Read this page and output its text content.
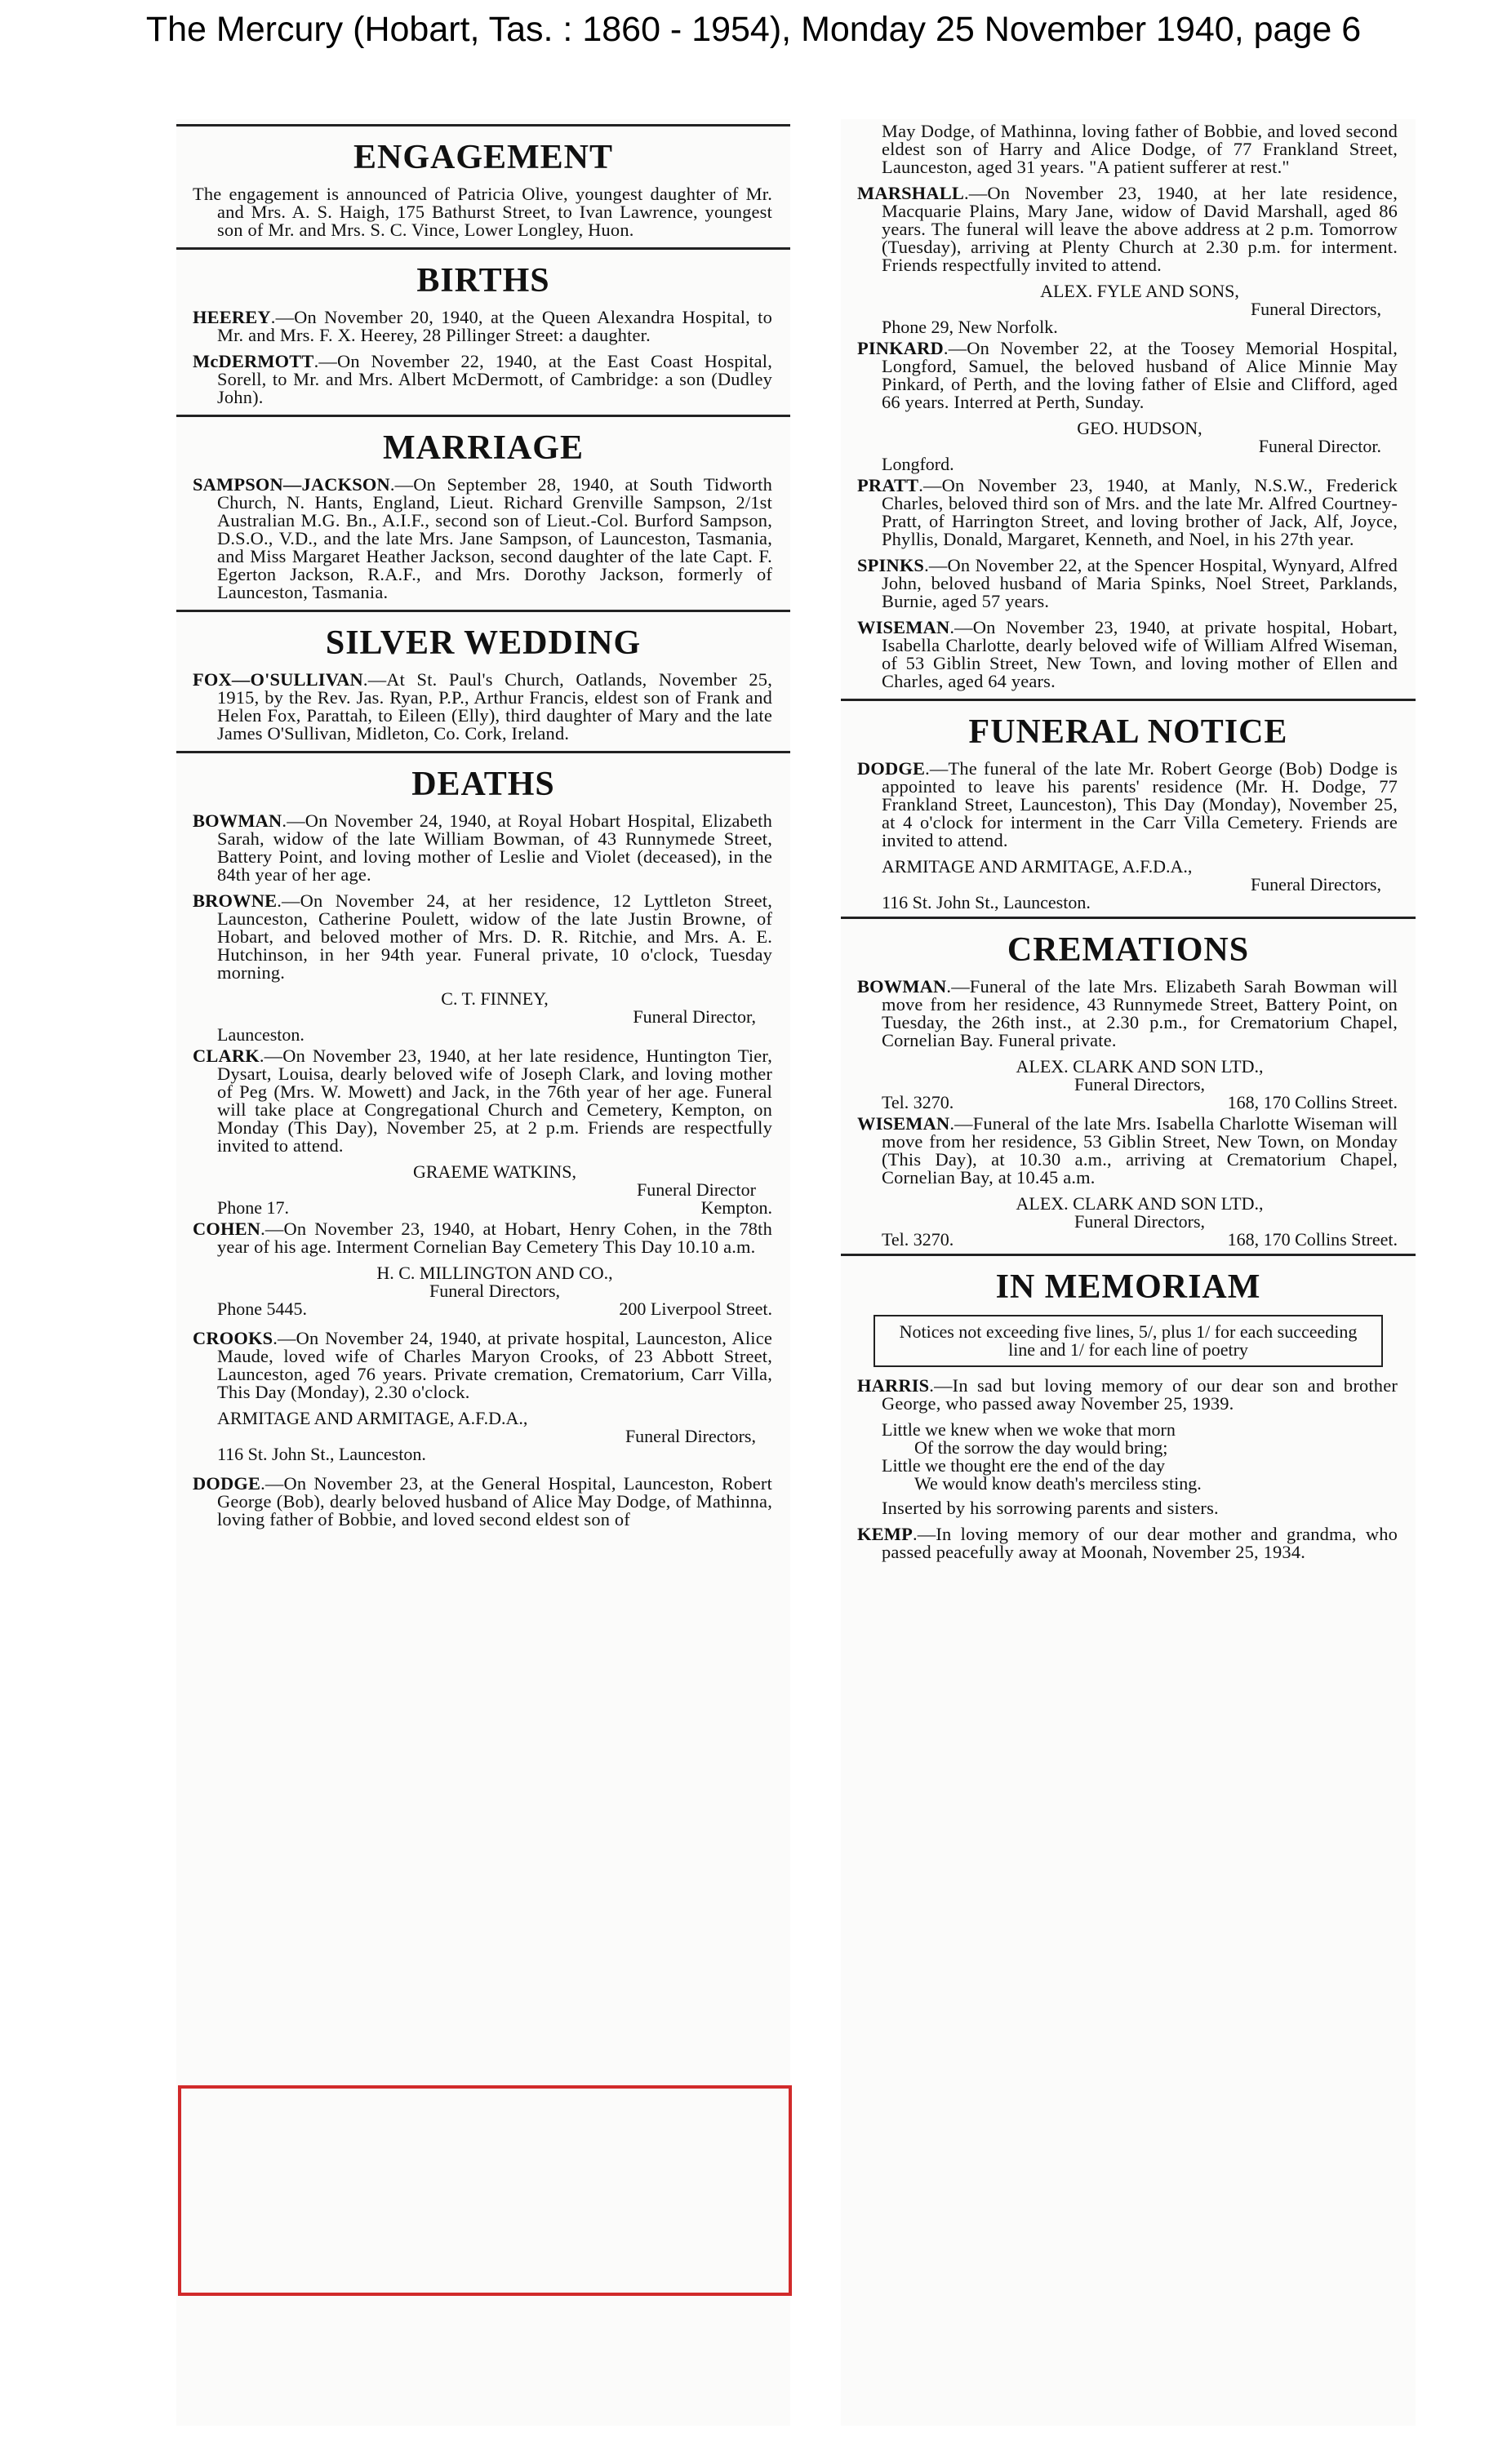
The Mercury (Hobart, Tas. : 1860 - 1954), Monday 25 November 1940, page 6
ENGAGEMENT
The engagement is announced of Patricia Olive, youngest daughter of Mr. and Mrs. A. S. Haigh, 175 Bathurst Street, to Ivan Lawrence, youngest son of Mr. and Mrs. S. C. Vince, Lower Longley, Huon.
BIRTHS
HEEREY.—On November 20, 1940, at the Queen Alexandra Hospital, to Mr. and Mrs. F. X. Heerey, 28 Pillinger Street: a daughter.
McDERMOTT.—On November 22, 1940, at the East Coast Hospital, Sorell, to Mr. and Mrs. Albert McDermott, of Cambridge: a son (Dudley John).
MARRIAGE
SAMPSON—JACKSON.—On September 28, 1940, at South Tidworth Church, N. Hants, England, Lieut. Richard Grenville Sampson, 2/1st Australian M.G. Bn., A.I.F., second son of Lieut.-Col. Burford Sampson, D.S.O., V.D., and the late Mrs. Jane Sampson, of Launceston, Tasmania, and Miss Margaret Heather Jackson, second daughter of the late Capt. F. Egerton Jackson, R.A.F., and Mrs. Dorothy Jackson, formerly of Launceston, Tasmania.
SILVER WEDDING
FOX—O'SULLIVAN.—At St. Paul's Church, Oatlands, November 25, 1915, by the Rev. Jas. Ryan, P.P., Arthur Francis, eldest son of Frank and Helen Fox, Parattah, to Eileen (Elly), third daughter of Mary and the late James O'Sullivan, Midleton, Co. Cork, Ireland.
DEATHS
BOWMAN.—On November 24, 1940, at Royal Hobart Hospital, Elizabeth Sarah, widow of the late William Bowman, of 43 Runnymede Street, Battery Point, and loving mother of Leslie and Violet (deceased), in the 84th year of her age.
BROWNE.—On November 24, at her residence, 12 Lyttleton Street, Launceston, Catherine Poulett, widow of the late Justin Browne, of Hobart, and beloved mother of Mrs. D. R. Ritchie, and Mrs. A. E. Hutchinson, in her 94th year. Funeral private, 10 o'clock, Tuesday morning.
C. T. FINNEY,
Funeral Director,
Launceston.
CLARK.—On November 23, 1940, at her late residence, Huntington Tier, Dysart, Louisa, dearly beloved wife of Joseph Clark, and loving mother of Peg (Mrs. W. Mowett) and Jack, in the 76th year of her age. Funeral will take place at Congregational Church and Cemetery, Kempton, on Monday (This Day), November 25, at 2 p.m. Friends are respectfully invited to attend.
GRAEME WATKINS,
Funeral Director
Phone 17.	Kempton.
COHEN.—On November 23, 1940, at Hobart, Henry Cohen, in the 78th year of his age. Interment Cornelian Bay Cemetery This Day 10.10 a.m.
H. C. MILLINGTON AND CO.,
Funeral Directors,
Phone 5445.	200 Liverpool Street.
CROOKS.—On November 24, 1940, at private hospital, Launceston, Alice Maude, loved wife of Charles Maryon Crooks, of 23 Abbott Street, Launceston, aged 76 years. Private cremation, Crematorium, Carr Villa, This Day (Monday), 2.30 o'clock.
ARMITAGE AND ARMITAGE, A.F.D.A.,
Funeral Directors,
116 St. John St., Launceston.
DODGE.—On November 23, at the General Hospital, Launceston, Robert George (Bob), dearly beloved husband of Alice May Dodge, of Mathinna, loving father of Bobbie, and loved second eldest son of
May Dodge, of Mathinna, loving father of Bobbie, and loved second eldest son of Harry and Alice Dodge, of 77 Frankland Street, Launceston, aged 31 years. "A patient sufferer at rest."
MARSHALL.—On November 23, 1940, at her late residence, Macquarie Plains, Mary Jane, widow of David Marshall, aged 86 years. The funeral will leave the above address at 2 p.m. Tomorrow (Tuesday), arriving at Plenty Church at 2.30 p.m. for interment. Friends respectfully invited to attend.
ALEX. FYLE AND SONS,
Funeral Directors,
Phone 29, New Norfolk.
PINKARD.—On November 22, at the Toosey Memorial Hospital, Longford, Samuel, the beloved husband of Alice Minnie May Pinkard, of Perth, and the loving father of Elsie and Clifford, aged 66 years. Interred at Perth, Sunday.
GEO. HUDSON,
Funeral Director.
Longford.
PRATT.—On November 23, 1940, at Manly, N.S.W., Frederick Charles, beloved third son of Mrs. and the late Mr. Alfred Courtney-Pratt, of Harrington Street, and loving brother of Jack, Alf, Joyce, Phyllis, Donald, Margaret, Kenneth, and Noel, in his 27th year.
SPINKS.—On November 22, at the Spencer Hospital, Wynyard, Alfred John, beloved husband of Maria Spinks, Noel Street, Parklands, Burnie, aged 57 years.
WISEMAN.—On November 23, 1940, at private hospital, Hobart, Isabella Charlotte, dearly beloved wife of William Alfred Wiseman, of 53 Giblin Street, New Town, and loving mother of Ellen and Charles, aged 64 years.
FUNERAL NOTICE
DODGE.—The funeral of the late Mr. Robert George (Bob) Dodge is appointed to leave his parents' residence (Mr. H. Dodge, 77 Frankland Street, Launceston), This Day (Monday), November 25, at 4 o'clock for interment in the Carr Villa Cemetery. Friends are invited to attend.
ARMITAGE AND ARMITAGE, A.F.D.A.,
Funeral Directors,
116 St. John St., Launceston.
CREMATIONS
BOWMAN.—Funeral of the late Mrs. Elizabeth Sarah Bowman will move from her residence, 43 Runnymede Street, Battery Point, on Tuesday, the 26th inst., at 2.30 p.m., for Crematorium Chapel, Cornelian Bay. Funeral private.
ALEX. CLARK AND SON LTD.,
Funeral Directors,
Tel. 3270.	168, 170 Collins Street.
WISEMAN.—Funeral of the late Mrs. Isabella Charlotte Wiseman will move from her residence, 53 Giblin Street, New Town, on Monday (This Day), at 10.30 a.m., arriving at Crematorium Chapel, Cornelian Bay, at 10.45 a.m.
ALEX. CLARK AND SON LTD.,
Funeral Directors,
Tel. 3270.	168, 170 Collins Street.
IN MEMORIAM
Notices not exceeding five lines, 5/, plus 1/ for each succeeding line and 1/ for each line of poetry
HARRIS.—In sad but loving memory of our dear son and brother George, who passed away November 25, 1939.
Little we knew when we woke that morn
Of the sorrow the day would bring;
Little we thought ere the end of the day
We would know death's merciless sting.
Inserted by his sorrowing parents and sisters.
KEMP.—In loving memory of our dear mother and grandma, who passed peacefully away at Moonah, November 25, 1934.
